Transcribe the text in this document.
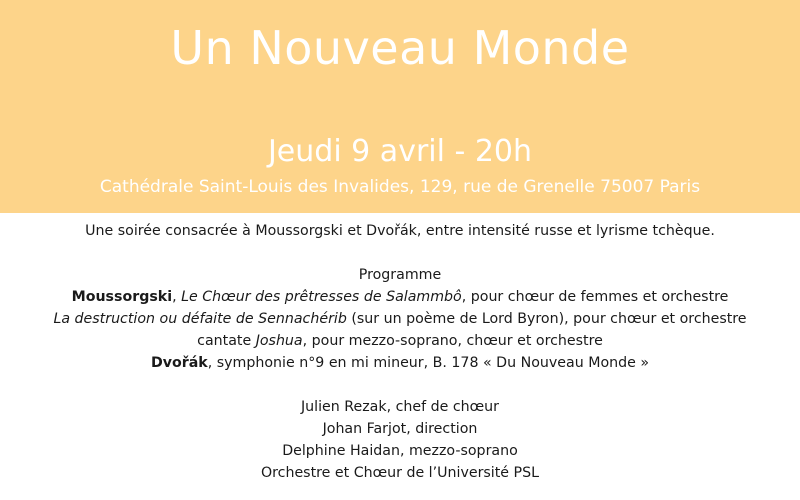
Un Nouveau Monde
Jeudi 9 avril - 20h

Cathédrale Saint-Louis des Invalides, 129, rue de Grenelle 75007 Paris

Une soirée consacrée à Moussorgski et Dvořák, entre intensité russe et lyrisme tchèque.
Programme
Moussorgski, Le Chœur des prêtresses de Salammbô, pour chœur de femmes et orchestre
La destruction ou défaite de Sennachérib (sur un poème de Lord Byron), pour chœur et orchestre
cantate Joshua, pour mezzo-soprano, chœur et orchestre
Dvořák, symphonie n°9 en mi mineur, B. 178 « Du Nouveau Monde »
Julien Rezak, chef de chœur
Johan Farjot, direction
Delphine Haidan, mezzo-soprano
Orchestre et Chœur de l’Université PSL
